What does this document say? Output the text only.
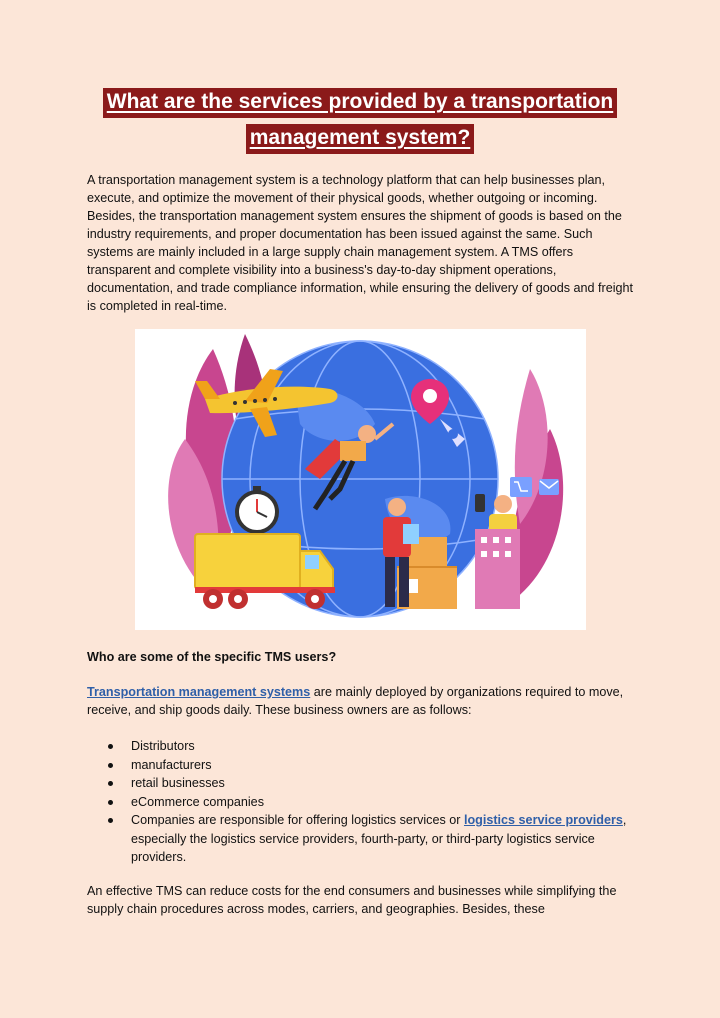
What are the services provided by a transportation
management system?

A transportation management system is a technology platform that can help businesses plan, execute, and optimize the movement of their physical goods, whether outgoing or incoming. Besides, the transportation management system ensures the shipment of goods is based on the industry requirements, and proper documentation has been issued against the same. Such systems are mainly included in a large supply chain management system. A TMS offers transparent and complete visibility into a business's day-to-day shipment operations, documentation, and trade compliance information, while ensuring the delivery of goods and freight is completed in real-time.

Who are some of the specific TMS users?

Transportation management systems are mainly deployed by organizations required to move, receive, and ship goods daily. These business owners are as follows:

Distributors
manufacturers
retail businesses
eCommerce companies
Companies are responsible for offering logistics services or logistics service providers, especially the logistics service providers, fourth-party, or third-party logistics service providers.

An effective TMS can reduce costs for the end consumers and businesses while simplifying the supply chain procedures across modes, carriers, and geographies. Besides, these
